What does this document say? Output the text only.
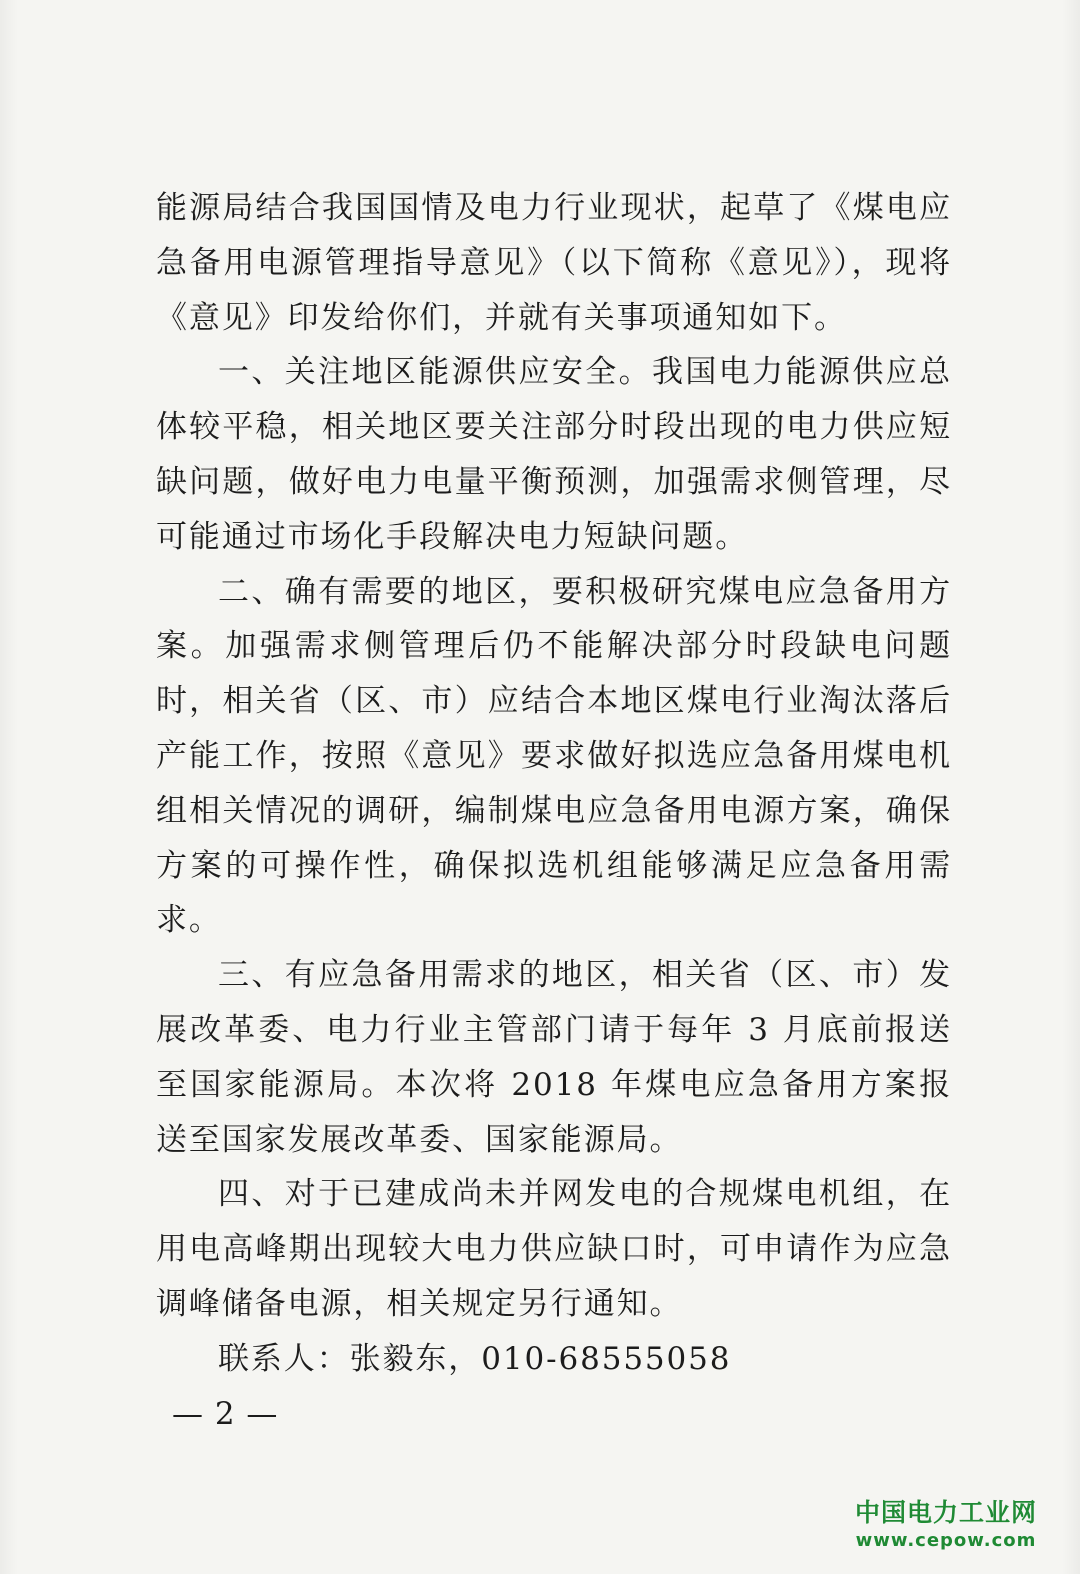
能源局结合我国国情及电力行业现状，起草了《煤电应急备用电源管理指导意见》（以下简称《意见》），现将《意见》印发给你们，并就有关事项通知如下。

一、关注地区能源供应安全。我国电力能源供应总体较平稳，相关地区要关注部分时段出现的电力供应短缺问题，做好电力电量平衡预测，加强需求侧管理，尽可能通过市场化手段解决电力短缺问题。

二、确有需要的地区，要积极研究煤电应急备用方案。加强需求侧管理后仍不能解决部分时段缺电问题时，相关省（区、市）应结合本地区煤电行业淘汰落后产能工作，按照《意见》要求做好拟选应急备用煤电机组相关情况的调研，编制煤电应急备用电源方案，确保方案的可操作性，确保拟选机组能够满足应急备用需求。

三、有应急备用需求的地区，相关省（区、市）发展改革委、电力行业主管部门请于每年 3 月底前报送至国家能源局。本次将 2018 年煤电应急备用方案报送至国家发展改革委、国家能源局。

四、对于已建成尚未并网发电的合规煤电机组，在用电高峰期出现较大电力供应缺口时，可申请作为应急调峰储备电源，相关规定另行通知。

联系人：张毅东，010-68555058

— 2 —
中国电力工业网
www.cepow.com
